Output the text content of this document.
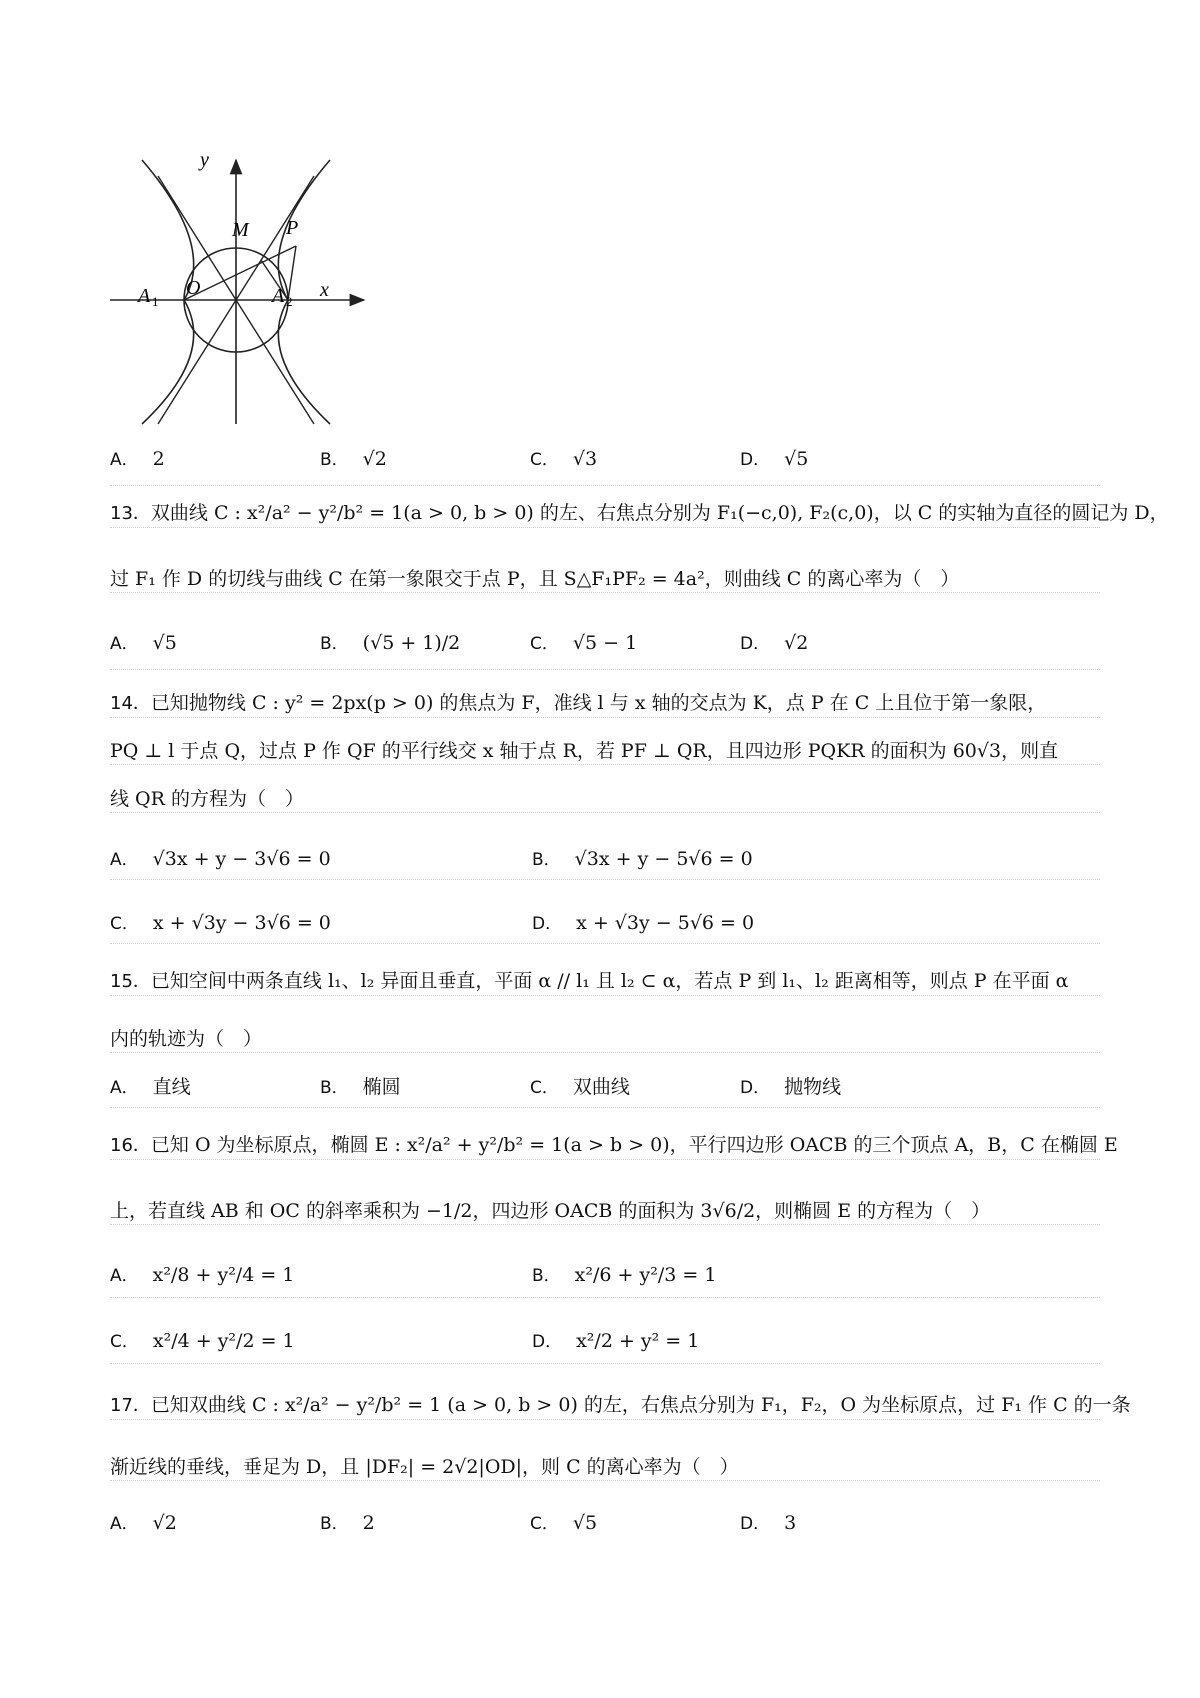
y
x
M P
A 1
O	A 2
A． 2	B． √2	C． √3	D． √5
13．双曲线 C : x²/a² − y²/b² = 1(a > 0, b > 0) 的左、右焦点分别为 F₁(−c,0), F₂(c,0)，以 C 的实轴为直径的圆记为 D，
过 F₁ 作 D 的切线与曲线 C 在第一象限交于点 P，且 S△F₁PF₂ = 4a²，则曲线 C 的离心率为（　）
A． √5	B． (√5 + 1)/2	C． √5 − 1	D． √2
14．已知抛物线 C : y² = 2px(p > 0) 的焦点为 F，准线 l 与 x 轴的交点为 K，点 P 在 C 上且位于第一象限，
PQ ⊥ l 于点 Q，过点 P 作 QF 的平行线交 x 轴于点 R，若 PF ⊥ QR，且四边形 PQKR 的面积为 60√3，则直
线 QR 的方程为（　）
A． √3x + y − 3√6 = 0	B． √3x + y − 5√6 = 0
C． x + √3y − 3√6 = 0	D． x + √3y − 5√6 = 0
15．已知空间中两条直线 l₁、l₂ 异面且垂直，平面 α // l₁ 且 l₂ ⊂ α，若点 P 到 l₁、l₂ 距离相等，则点 P 在平面 α
内的轨迹为（　）
A． 直线	B． 椭圆	C． 双曲线	D． 抛物线
16．已知 O 为坐标原点，椭圆 E : x²/a² + y²/b² = 1(a > b > 0)，平行四边形 OACB 的三个顶点 A，B，C 在椭圆 E
上，若直线 AB 和 OC 的斜率乘积为 −1/2，四边形 OACB 的面积为 3√6/2，则椭圆 E 的方程为（　）
A． x²/8 + y²/4 = 1	B． x²/6 + y²/3 = 1
C． x²/4 + y²/2 = 1	D． x²/2 + y² = 1
17．已知双曲线 C : x²/a² − y²/b² = 1 (a > 0, b > 0) 的左，右焦点分别为 F₁，F₂，O 为坐标原点，过 F₁ 作 C 的一条
渐近线的垂线，垂足为 D，且 |DF₂| = 2√2|OD|，则 C 的离心率为（　）
A． √2	B． 2	C． √5	D． 3
